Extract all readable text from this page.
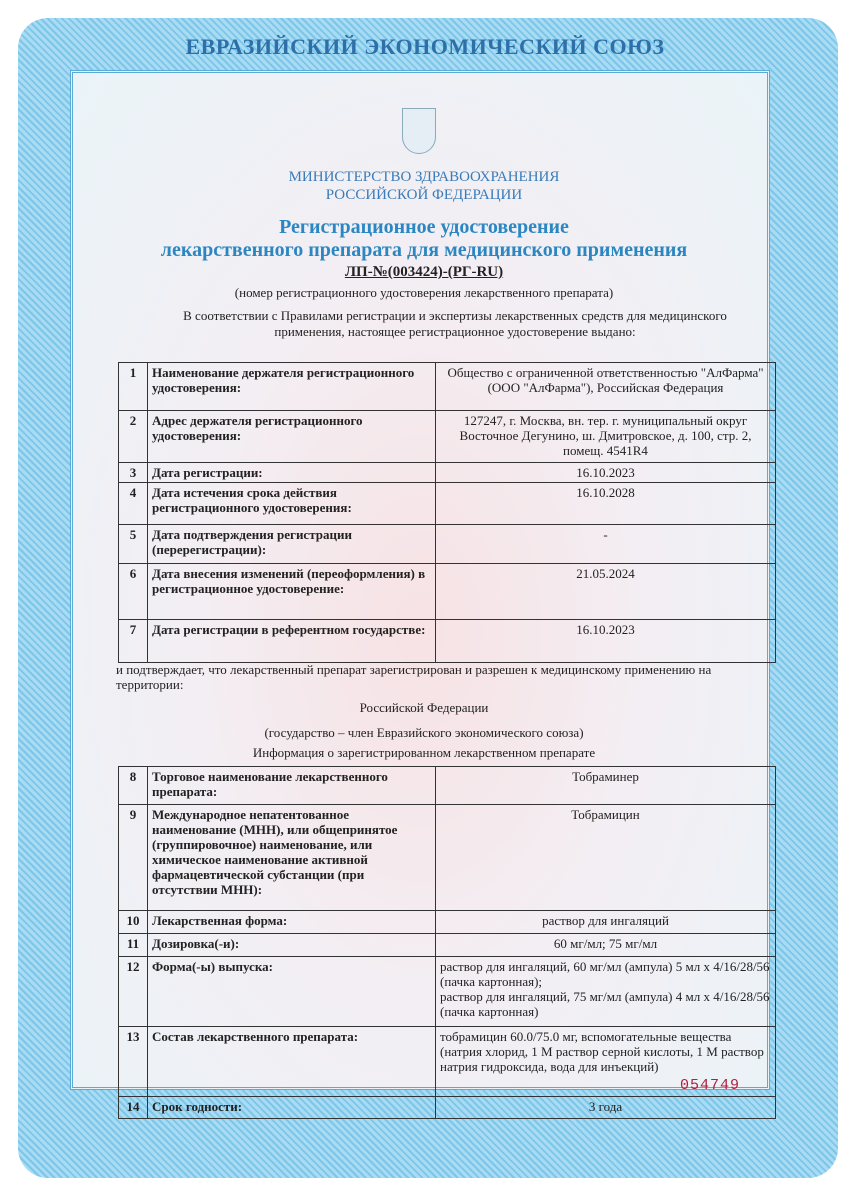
ЕВРАЗИЙСКИЙ ЭКОНОМИЧЕСКИЙ СОЮЗ
МИНИСТЕРСТВО ЗДРАВООХРАНЕНИЯ
РОССИЙСКОЙ ФЕДЕРАЦИИ
Регистрационное удостоверение
лекарственного препарата для медицинского применения
ЛП-№(003424)-(РГ-RU)
(номер регистрационного удостоверения лекарственного препарата)
В соответствии с Правилами регистрации и экспертизы лекарственных средств для медицинского применения, настоящее регистрационное удостоверение выдано:
1	Наименование держателя регистрационного удостоверения:	Общество с ограниченной ответственностью "АлФарма" (ООО "АлФарма"), Российская Федерация
2	Адрес держателя регистрационного удостоверения:	127247, г. Москва, вн. тер. г. муниципальный округ Восточное Дегунино, ш. Дмитровское, д. 100, стр. 2, помещ. 4541R4
3	Дата регистрации:	16.10.2023
4	Дата истечения срока действия регистрационного удостоверения:	16.10.2028
5	Дата подтверждения регистрации (перерегистрации):	-
6	Дата внесения изменений (переоформления) в регистрационное удостоверение:	21.05.2024
7	Дата регистрации в референтном государстве:	16.10.2023
и подтверждает, что лекарственный препарат зарегистрирован и разрешен к медицинскому применению на территории:
Российской Федерации
(государство – член Евразийского экономического союза)
Информация о зарегистрированном лекарственном препарате
8	Торговое наименование лекарственного препарата:	Тобраминер
9	Международное непатентованное наименование (МНН), или общепринятое (группировочное) наименование, или химическое наименование активной фармацевтической субстанции (при отсутствии МНН):	Тобрамицин
10	Лекарственная форма:	раствор для ингаляций
11	Дозировка(-и):	60 мг/мл; 75 мг/мл
12	Форма(-ы) выпуска:	раствор для ингаляций, 60 мг/мл (ампула) 5 мл х 4/16/28/56 (пачка картонная);
раствор для ингаляций, 75 мг/мл (ампула) 4 мл х 4/16/28/56 (пачка картонная)

13	Состав лекарственного препарата:	тобрамицин 60.0/75.0 мг, вспомогательные вещества (натрия хлорид, 1 М раствор серной кислоты, 1 М раствор натрия гидроксида, вода для инъекций)
14	Срок годности:	3 года
054749
